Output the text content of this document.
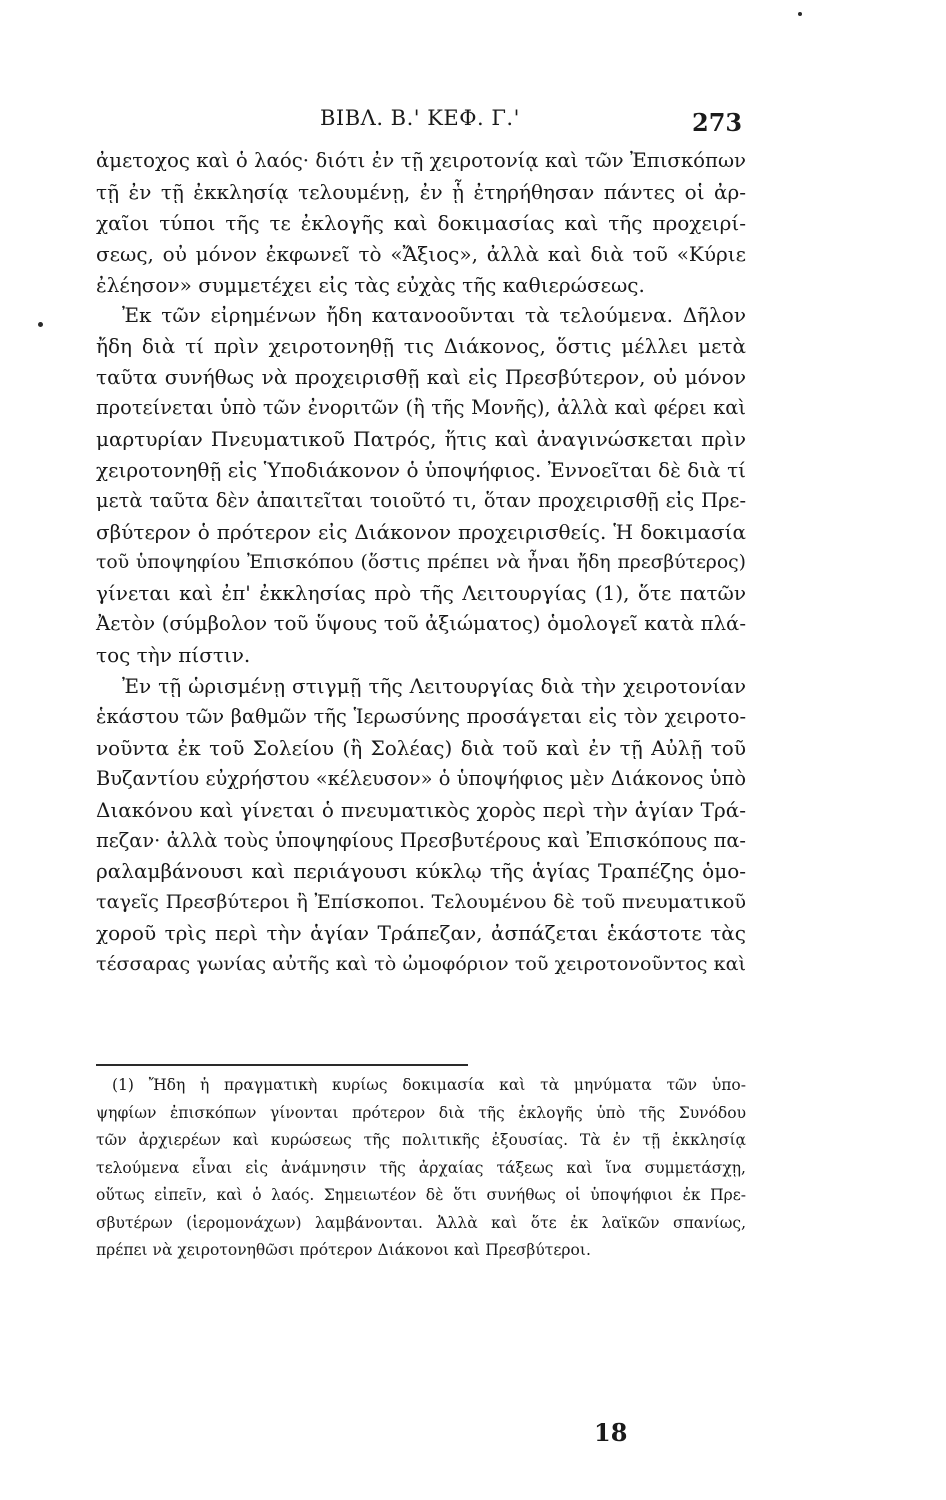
ΒΙΒΛ. Β.' ΚΕΦ. Γ.'	273
ἀμετοχος καὶ ὁ λαός· διότι ἐν τῇ χειροτονίᾳ καὶ τῶν Ἐπισκόπων
τῇ ἐν τῇ ἐκκλησίᾳ τελουμένῃ, ἐν ᾗ ἐτηρήθησαν πάντες οἱ ἀρ-
χαῖοι τύποι τῆς τε ἐκλογῆς καὶ δοκιμασίας καὶ τῆς προχειρί-
σεως, οὐ μόνον ἐκφωνεῖ τὸ «Ἄξιος», ἀλλὰ καὶ διὰ τοῦ «Κύριε
ἐλέησον» συμμετέχει εἰς τὰς εὐχὰς τῆς καθιερώσεως.
Ἐκ τῶν εἰρημένων ἤδη κατανοοῦνται τὰ τελούμενα. Δῆλον
ἤδη διὰ τί πρὶν χειροτονηθῇ τις Διάκονος, ὅστις μέλλει μετὰ
ταῦτα συνήθως νὰ προχειρισθῇ καὶ εἰς Πρεσβύτερον, οὐ μόνον
προτείνεται ὑπὸ τῶν ἐνοριτῶν (ἢ τῆς Μονῆς), ἀλλὰ καὶ φέρει καὶ
μαρτυρίαν Πνευματικοῦ Πατρός, ἥτις καὶ ἀναγινώσκεται πρὶν
χειροτονηθῇ εἰς Ὑποδιάκονον ὁ ὑποψήφιος. Ἐννοεῖται δὲ διὰ τί
μετὰ ταῦτα δὲν ἀπαιτεῖται τοιοῦτό τι, ὅταν προχειρισθῇ εἰς Πρε-
σβύτερον ὁ πρότερον εἰς Διάκονον προχειρισθείς. Ἡ δοκιμασία
τοῦ ὑποψηφίου Ἐπισκόπου (ὅστις πρέπει νὰ ἦναι ἤδη πρεσβύτερος)
γίνεται καὶ ἐπ' ἐκκλησίας πρὸ τῆς Λειτουργίας (1), ὅτε πατῶν
Ἀετὸν (σύμβολον τοῦ ὕψους τοῦ ἀξιώματος) ὁμολογεῖ κατὰ πλά-
τος τὴν πίστιν.
Ἐν τῇ ὡρισμένῃ στιγμῇ τῆς Λειτουργίας διὰ τὴν χειροτονίαν
ἑκάστου τῶν βαθμῶν τῆς Ἱερωσύνης προσάγεται εἰς τὸν χειροτο-
νοῦντα ἐκ τοῦ Σολείου (ἢ Σολέας) διὰ τοῦ καὶ ἐν τῇ Αὐλῇ τοῦ
Βυζαντίου εὐχρήστου «κέλευσον» ὁ ὑποψήφιος μὲν Διάκονος ὑπὸ
Διακόνου καὶ γίνεται ὁ πνευματικὸς χορὸς περὶ τὴν ἁγίαν Τρά-
πεζαν· ἀλλὰ τοὺς ὑποψηφίους Πρεσβυτέρους καὶ Ἐπισκόπους πα-
ραλαμβάνουσι καὶ περιάγουσι κύκλῳ τῆς ἁγίας Τραπέζης ὁμο-
ταγεῖς Πρεσβύτεροι ἢ Ἐπίσκοποι. Τελουμένου δὲ τοῦ πνευματικοῦ
χοροῦ τρὶς περὶ τὴν ἁγίαν Τράπεζαν, ἀσπάζεται ἑκάστοτε τὰς
τέσσαρας γωνίας αὐτῆς καὶ τὸ ὠμοφόριον τοῦ χειροτονοῦντος καὶ
(1) Ἤδη ἡ πραγματικὴ κυρίως δοκιμασία καὶ τὰ μηνύματα τῶν ὑπο-
ψηφίων ἐπισκόπων γίνονται πρότερον διὰ τῆς ἐκλογῆς ὑπὸ τῆς Συνόδου
τῶν ἀρχιερέων καὶ κυρώσεως τῆς πολιτικῆς ἐξουσίας. Τὰ ἐν τῇ ἐκκλησίᾳ
τελούμενα εἶναι εἰς ἀνάμνησιν τῆς ἀρχαίας τάξεως καὶ ἵνα συμμετάσχῃ,
οὕτως εἰπεῖν, καὶ ὁ λαός. Σημειωτέον δὲ ὅτι συνήθως οἱ ὑποψήφιοι ἐκ Πρε-
σβυτέρων (ἱερομονάχων) λαμβάνονται. Ἀλλὰ καὶ ὅτε ἐκ λαϊκῶν σπανίως,
πρέπει νὰ χειροτονηθῶσι πρότερον Διάκονοι καὶ Πρεσβύτεροι.
18
